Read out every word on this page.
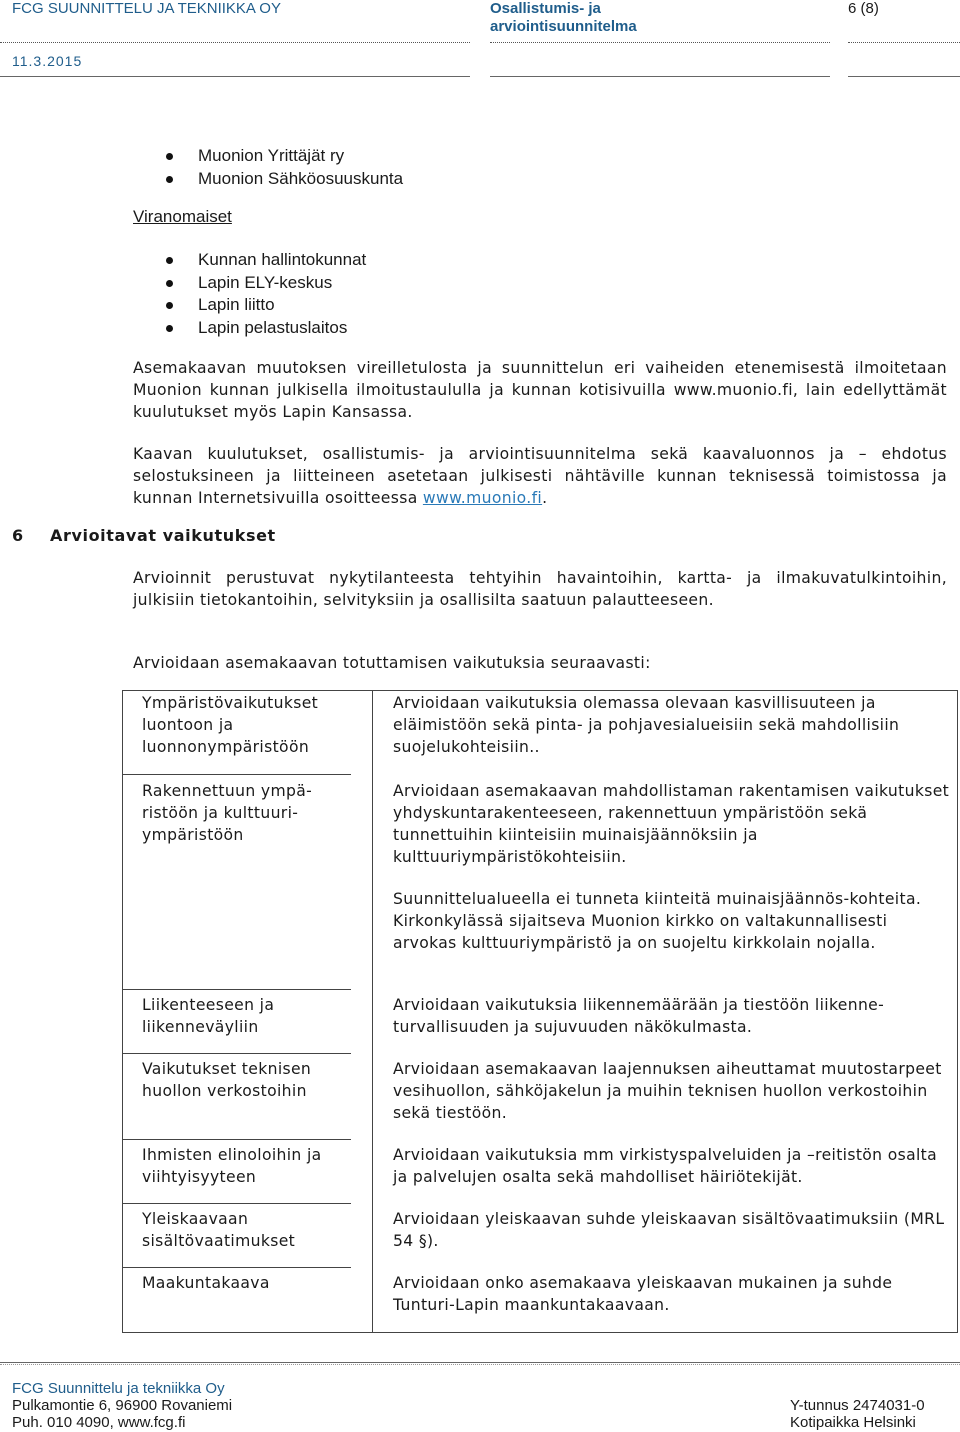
FCG SUUNNITTELU JA TEKNIIKKA OY	Osallistumis- ja
arviointisuunnitelma
6 (8)
11.3.2015
Muonion Yrittäjät ry
Muonion Sähköosuuskunta
Viranomaiset
Kunnan hallintokunnat
Lapin ELY-keskus
Lapin liitto
Lapin pelastuslaitos

Asemakaavan muutoksen vireilletulosta ja suunnittelun eri vaiheiden etenemisestä ilmoitetaan Muonion kunnan julkisella ilmoitustaululla ja kunnan kotisivuilla www.muonio.fi, lain edellyttämät kuulutukset myös Lapin Kansassa.

Kaavan kuulutukset, osallistumis- ja arviointisuunnitelma sekä kaavaluonnos ja – ehdotus selostuksineen ja liitteineen asetetaan julkisesti nähtäville kunnan teknisessä toimistossa ja kunnan Internetsivuilla osoitteessa www.muonio.fi.

6 Arvioitavat vaikutukset

Arvioinnit perustuvat nykytilanteesta tehtyihin havaintoihin, kartta- ja ilmakuvatulkintoihin, julkisiin tietokantoihin, selvityksiin ja osallisilta saatuun palautteeseen.

Arvioidaan asemakaavan totuttamisen vaikutuksia seuraavasti:

Ympäristövaikutukset luontoon ja luonnonympäristöön	Arvioidaan vaikutuksia olemassa olevaan kasvillisuuteen ja eläimistöön sekä pinta- ja pohjavesialueisiin sekä mahdollisiin suojelukohteisiin..
Rakennettuun ympä-ristöön ja kulttuuri-ympäristöön	Arvioidaan asemakaavan mahdollistaman rakentamisen vaikutukset yhdyskuntarakenteeseen, rakennettuun ympäristöön sekä tunnettuihin kiinteisiin muinaisjäännöksiin ja kulttuuriympäristökohteisiin.
Suunnittelualueella ei tunneta kiinteitä muinaisjäännös-kohteita. Kirkonkylässä sijaitseva Muonion kirkko on valtakunnallisesti arvokas kulttuuriympäristö ja on suojeltu kirkkolain nojalla.

Liikenteeseen ja liikenneväyliin	Arvioidaan vaikutuksia liikennemäärään ja tiestöön liikenne-turvallisuuden ja sujuvuuden näkökulmasta.
Vaikutukset teknisen huollon verkostoihin	Arvioidaan asemakaavan laajennuksen aiheuttamat muutostarpeet vesihuollon, sähköjakelun ja muihin teknisen huollon verkostoihin sekä tiestöön.
Ihmisten elinoloihin ja viihtyisyyteen	Arvioidaan vaikutuksia mm virkistyspalveluiden ja –reitistön osalta ja palvelujen osalta sekä mahdolliset häiriötekijät.
Yleiskaavaan sisältövaatimukset	Arvioidaan yleiskaavan suhde yleiskaavan sisältövaatimuksiin (MRL 54 §).
Maakuntakaava	Arvioidaan onko asemakaava yleiskaavan mukainen ja suhde Tunturi-Lapin maankuntakaavaan.
FCG Suunnittelu ja tekniikka Oy
Pulkamontie 6, 96900 Rovaniemi
Puh. 010 4090, www.fcg.fi
Y-tunnus 2474031-0
Kotipaikka Helsinki
